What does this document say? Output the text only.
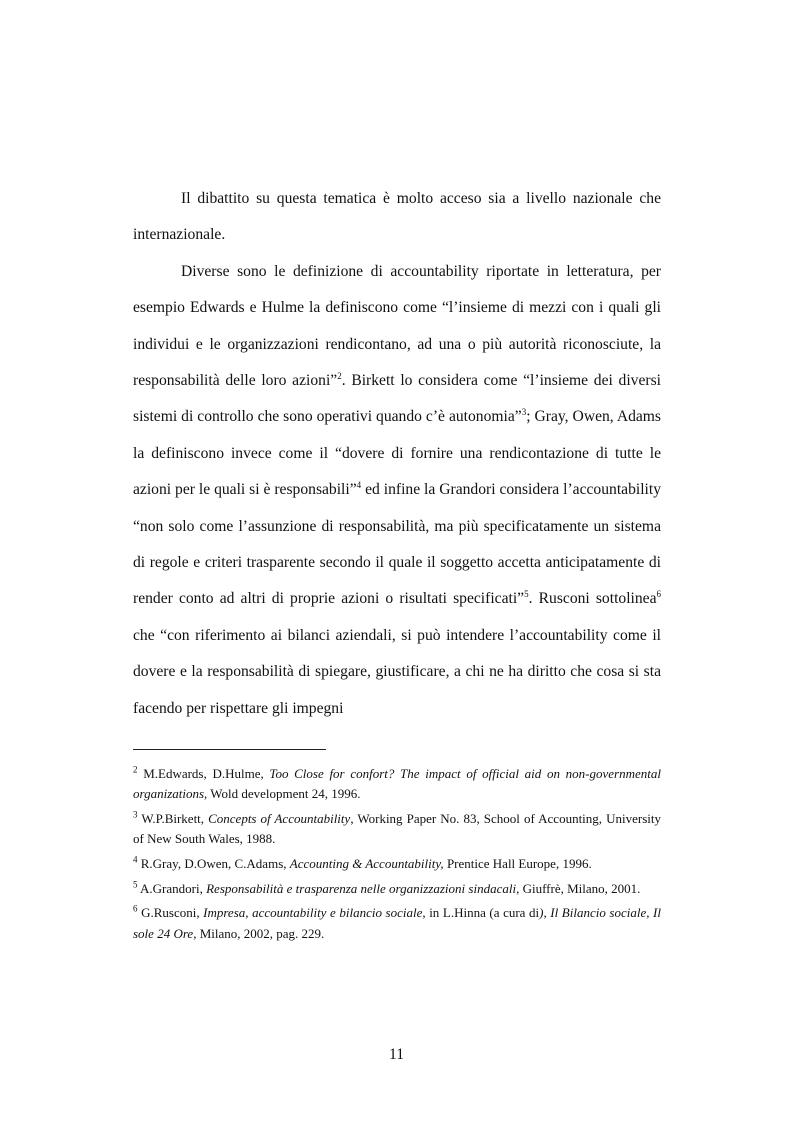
Il dibattito su questa tematica è molto acceso sia a livello nazionale che internazionale.

Diverse sono le definizione di accountability riportate in letteratura, per esempio Edwards e Hulme la definiscono come “l’insieme di mezzi con i quali gli individui e le organizzazioni rendicontano, ad una o più autorità riconosciute, la responsabilità delle loro azioni”$^2$. Birkett lo considera come “l’insieme dei diversi sistemi di controllo che sono operativi quando c’è autonomia”$^3$; Gray, Owen, Adams la definiscono invece come il “dovere di fornire una rendicontazione di tutte le azioni per le quali si è responsabili”$^4$ ed infine la Grandori considera l’accountability “non solo come l’assunzione di responsabilità, ma più specificatamente un sistema di regole e criteri trasparente secondo il quale il soggetto accetta anticipatamente di render conto ad altri di proprie azioni o risultati specificati”$^5$. Rusconi sottolinea$^6$ che “con riferimento ai bilanci aziendali, si può intendere l’accountability come il dovere e la responsabilità di spiegare, giustificare, a chi ne ha diritto che cosa si sta facendo per rispettare gli impegni

$^2$ M.Edwards, D.Hulme, Too Close for confort? The impact of official aid on non-governmental organizations, Wold development 24, 1996.

$^3$ W.P.Birkett, Concepts of Accountability, Working Paper No. 83, School of Accounting, University of New South Wales, 1988.

$^4$ R.Gray, D.Owen, C.Adams, Accounting & Accountability, Prentice Hall Europe, 1996.

$^5$ A.Grandori, Responsabilità e trasparenza nelle organizzazioni sindacali, Giuffrè, Milano, 2001.

$^6$ G.Rusconi, Impresa, accountability e bilancio sociale, in L.Hinna (a cura di), Il Bilancio sociale, Il sole 24 Ore, Milano, 2002, pag. 229.

11
